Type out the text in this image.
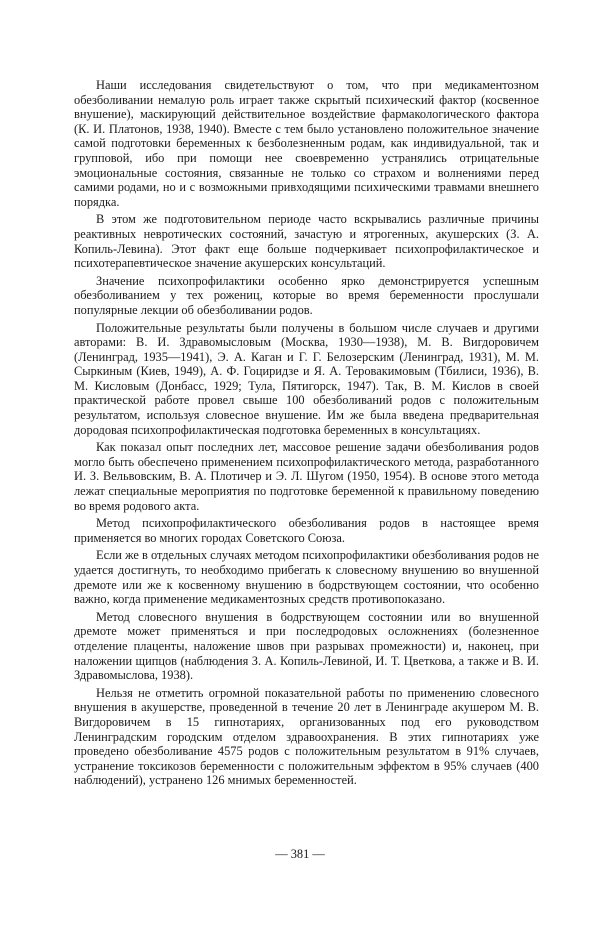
Наши исследования свидетельствуют о том, что при медикаментозном обезболивании немалую роль играет также скрытый психический фактор (косвенное внушение), маскирующий действительное воздействие фармакологического фактора (К. И. Платонов, 1938, 1940). Вместе с тем было установлено положительное значение самой подготовки беременных к безболезненным родам, как индивидуальной, так и групповой, ибо при помощи нее своевременно устранялись отрицательные эмоциональные состояния, связанные не только со страхом и волнениями перед самими родами, но и с возможными привходящими психическими травмами внешнего порядка.

В этом же подготовительном периоде часто вскрывались различные причины реактивных невротических состояний, зачастую и ятрогенных, акушерских (З. А. Копиль-Левина). Этот факт еще больше подчеркивает психопрофилактическое и психотерапевтическое значение акушерских консультаций.

Значение психопрофилактики особенно ярко демонстрируется успешным обезболиванием у тех рожениц, которые во время беременности прослушали популярные лекции об обезболивании родов.

Положительные результаты были получены в большом числе случаев и другими авторами: В. И. Здравомысловым (Москва, 1930—1938), М. В. Вигдоровичем (Ленинград, 1935—1941), Э. А. Каган и Г. Г. Белозерским (Ленинград, 1931), М. М. Сыркиным (Киев, 1949), А. Ф. Гоциридзе и Я. А. Теровакимовым (Тбилиси, 1936), В. М. Кисловым (Донбасс, 1929; Тула, Пятигорск, 1947). Так, В. М. Кислов в своей практической работе провел свыше 100 обезболиваний родов с положительным результатом, используя словесное внушение. Им же была введена предварительная дородовая психопрофилактическая подготовка беременных в консультациях.

Как показал опыт последних лет, массовое решение задачи обезболивания родов могло быть обеспечено применением психопрофилактического метода, разработанного И. З. Вельвовским, В. А. Плотичер и Э. Л. Шугом (1950, 1954). В основе этого метода лежат специальные мероприятия по подготовке беременной к правильному поведению во время родового акта.

Метод психопрофилактического обезболивания родов в настоящее время применяется во многих городах Советского Союза.

Если же в отдельных случаях методом психопрофилактики обезболивания родов не удается достигнуть, то необходимо прибегать к словесному внушению во внушенной дремоте или же к косвенному внушению в бодрствующем состоянии, что особенно важно, когда применение медикаментозных средств противопоказано.

Метод словесного внушения в бодрствующем состоянии или во внушенной дремоте может применяться и при последродовых осложнениях (болезненное отделение плаценты, наложение швов при разрывах промежности) и, наконец, при наложении щипцов (наблюдения З. А. Копиль-Левиной, И. Т. Цветкова, а также и В. И. Здравомыслова, 1938).

Нельзя не отметить огромной показательной работы по применению словесного внушения в акушерстве, проведенной в течение 20 лет в Ленинграде акушером М. В. Вигдоровичем в 15 гипнотариях, организованных под его руководством Ленинградским городским отделом здравоохранения. В этих гипнотариях уже проведено обезболивание 4575 родов с положительным результатом в 91% случаев, устранение токсикозов беременности с положительным эффектом в 95% случаев (400 наблюдений), устранено 126 мнимых беременностей.

— 381 —
